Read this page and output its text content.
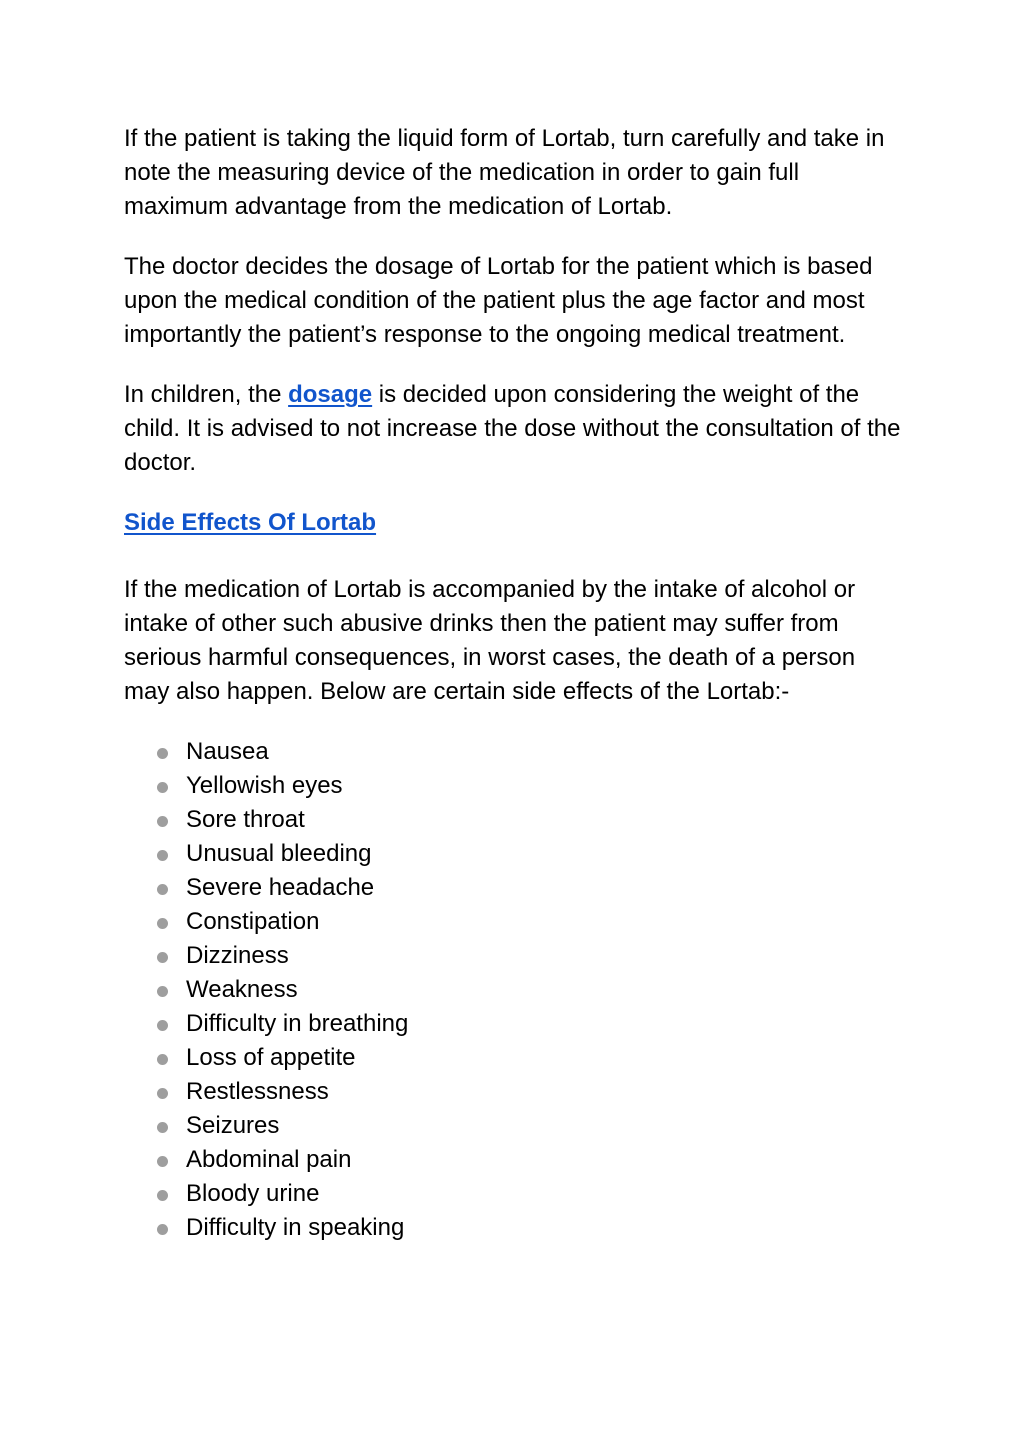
If the patient is taking the liquid form of Lortab, turn carefully and take in note the measuring device of the medication in order to gain full maximum advantage from the medication of Lortab.

The doctor decides the dosage of Lortab for the patient which is based upon the medical condition of the patient plus the age factor and most importantly the patient’s response to the ongoing medical treatment.

In children, the dosage is decided upon considering the weight of the child. It is advised to not increase the dose without the consultation of the doctor.

Side Effects Of Lortab

If the medication of Lortab is accompanied by the intake of alcohol or intake of other such abusive drinks then the patient may suffer from serious harmful consequences, in worst cases, the death of a person may also happen. Below are certain side effects of the Lortab:-

Nausea
Yellowish eyes
Sore throat
Unusual bleeding
Severe headache
Constipation
Dizziness
Weakness
Difficulty in breathing
Loss of appetite
Restlessness
Seizures
Abdominal pain
Bloody urine
Difficulty in speaking
